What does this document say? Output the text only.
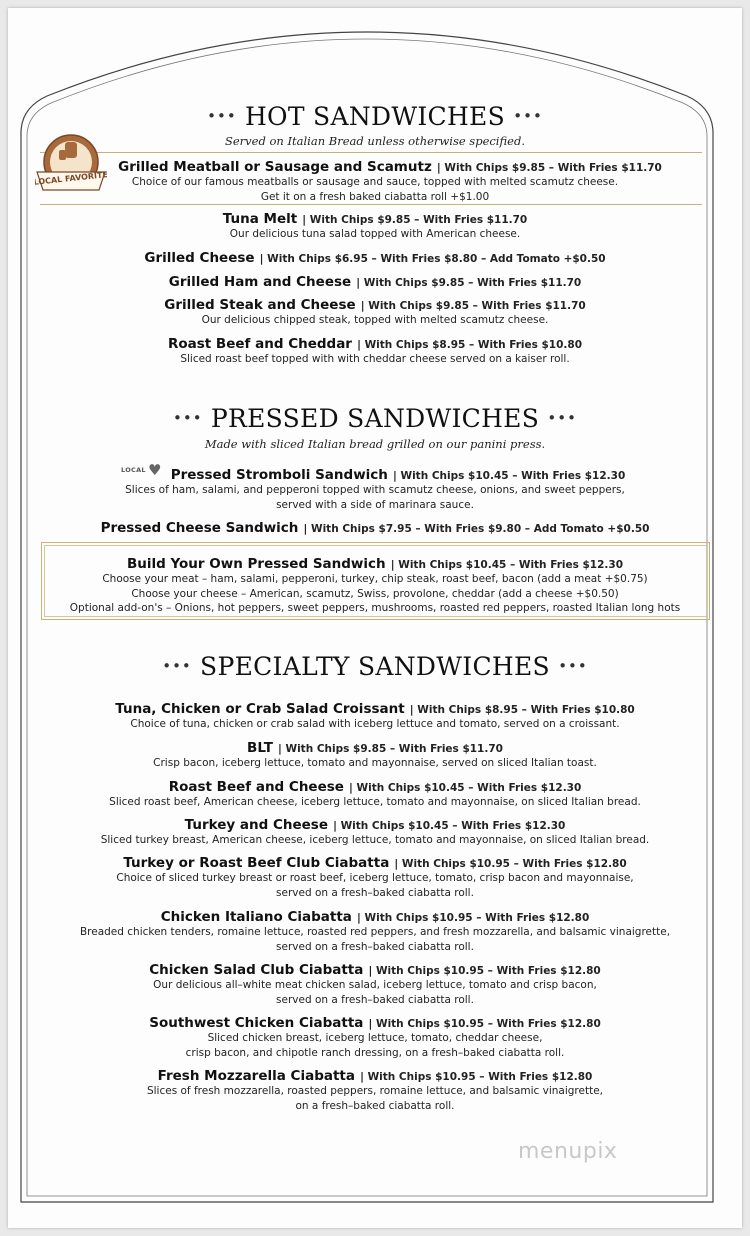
••• HOT SANDWICHES •••
Served on Italian Bread unless otherwise specified.
LOCAL FAVORITE
Grilled Meatball or Sausage and Scamutz | With Chips $9.85 – With Fries $11.70
Choice of our famous meatballs or sausage and sauce, topped with melted scamutz cheese.
Get it on a fresh baked ciabatta roll +$1.00
Tuna Melt | With Chips $9.85 – With Fries $11.70
Our delicious tuna salad topped with American cheese.
Grilled Cheese | With Chips $6.95 – With Fries $8.80 – Add Tomato +$0.50
Grilled Ham and Cheese | With Chips $9.85 – With Fries $11.70
Grilled Steak and Cheese | With Chips $9.85 – With Fries $11.70
Our delicious chipped steak, topped with melted scamutz cheese.
Roast Beef and Cheddar | With Chips $8.95 – With Fries $10.80
Sliced roast beef topped with with cheddar cheese served on a kaiser roll.
••• PRESSED SANDWICHES •••
Made with sliced Italian bread grilled on our panini press.
LOCAL ♥ Pressed Stromboli Sandwich | With Chips $10.45 – With Fries $12.30
Slices of ham, salami, and pepperoni topped with scamutz cheese, onions, and sweet peppers,
served with a side of marinara sauce.
Pressed Cheese Sandwich | With Chips $7.95 – With Fries $9.80 – Add Tomato +$0.50
Build Your Own Pressed Sandwich | With Chips $10.45 – With Fries $12.30
Choose your meat – ham, salami, pepperoni, turkey, chip steak, roast beef, bacon (add a meat +$0.75)
Choose your cheese – American, scamutz, Swiss, provolone, cheddar (add a cheese +$0.50)
Optional add-on's – Onions, hot peppers, sweet peppers, mushrooms, roasted red peppers, roasted Italian long hots
••• SPECIALTY SANDWICHES •••
Tuna, Chicken or Crab Salad Croissant | With Chips $8.95 – With Fries $10.80
Choice of tuna, chicken or crab salad with iceberg lettuce and tomato, served on a croissant.
BLT | With Chips $9.85 – With Fries $11.70
Crisp bacon, iceberg lettuce, tomato and mayonnaise, served on sliced Italian toast.
Roast Beef and Cheese | With Chips $10.45 – With Fries $12.30
Sliced roast beef, American cheese, iceberg lettuce, tomato and mayonnaise, on sliced Italian bread.
Turkey and Cheese | With Chips $10.45 – With Fries $12.30
Sliced turkey breast, American cheese, iceberg lettuce, tomato and mayonnaise, on sliced Italian bread.
Turkey or Roast Beef Club Ciabatta | With Chips $10.95 – With Fries $12.80
Choice of sliced turkey breast or roast beef, iceberg lettuce, tomato, crisp bacon and mayonnaise,
served on a fresh–baked ciabatta roll.
Chicken Italiano Ciabatta | With Chips $10.95 – With Fries $12.80
Breaded chicken tenders, romaine lettuce, roasted red peppers, and fresh mozzarella, and balsamic vinaigrette,
served on a fresh–baked ciabatta roll.
Chicken Salad Club Ciabatta | With Chips $10.95 – With Fries $12.80
Our delicious all–white meat chicken salad, iceberg lettuce, tomato and crisp bacon,
served on a fresh–baked ciabatta roll.
Southwest Chicken Ciabatta | With Chips $10.95 – With Fries $12.80
Sliced chicken breast, iceberg lettuce, tomato, cheddar cheese,
crisp bacon, and chipotle ranch dressing, on a fresh–baked ciabatta roll.
Fresh Mozzarella Ciabatta | With Chips $10.95 – With Fries $12.80
Slices of fresh mozzarella, roasted peppers, romaine lettuce, and balsamic vinaigrette,
on a fresh–baked ciabatta roll.
menupix
